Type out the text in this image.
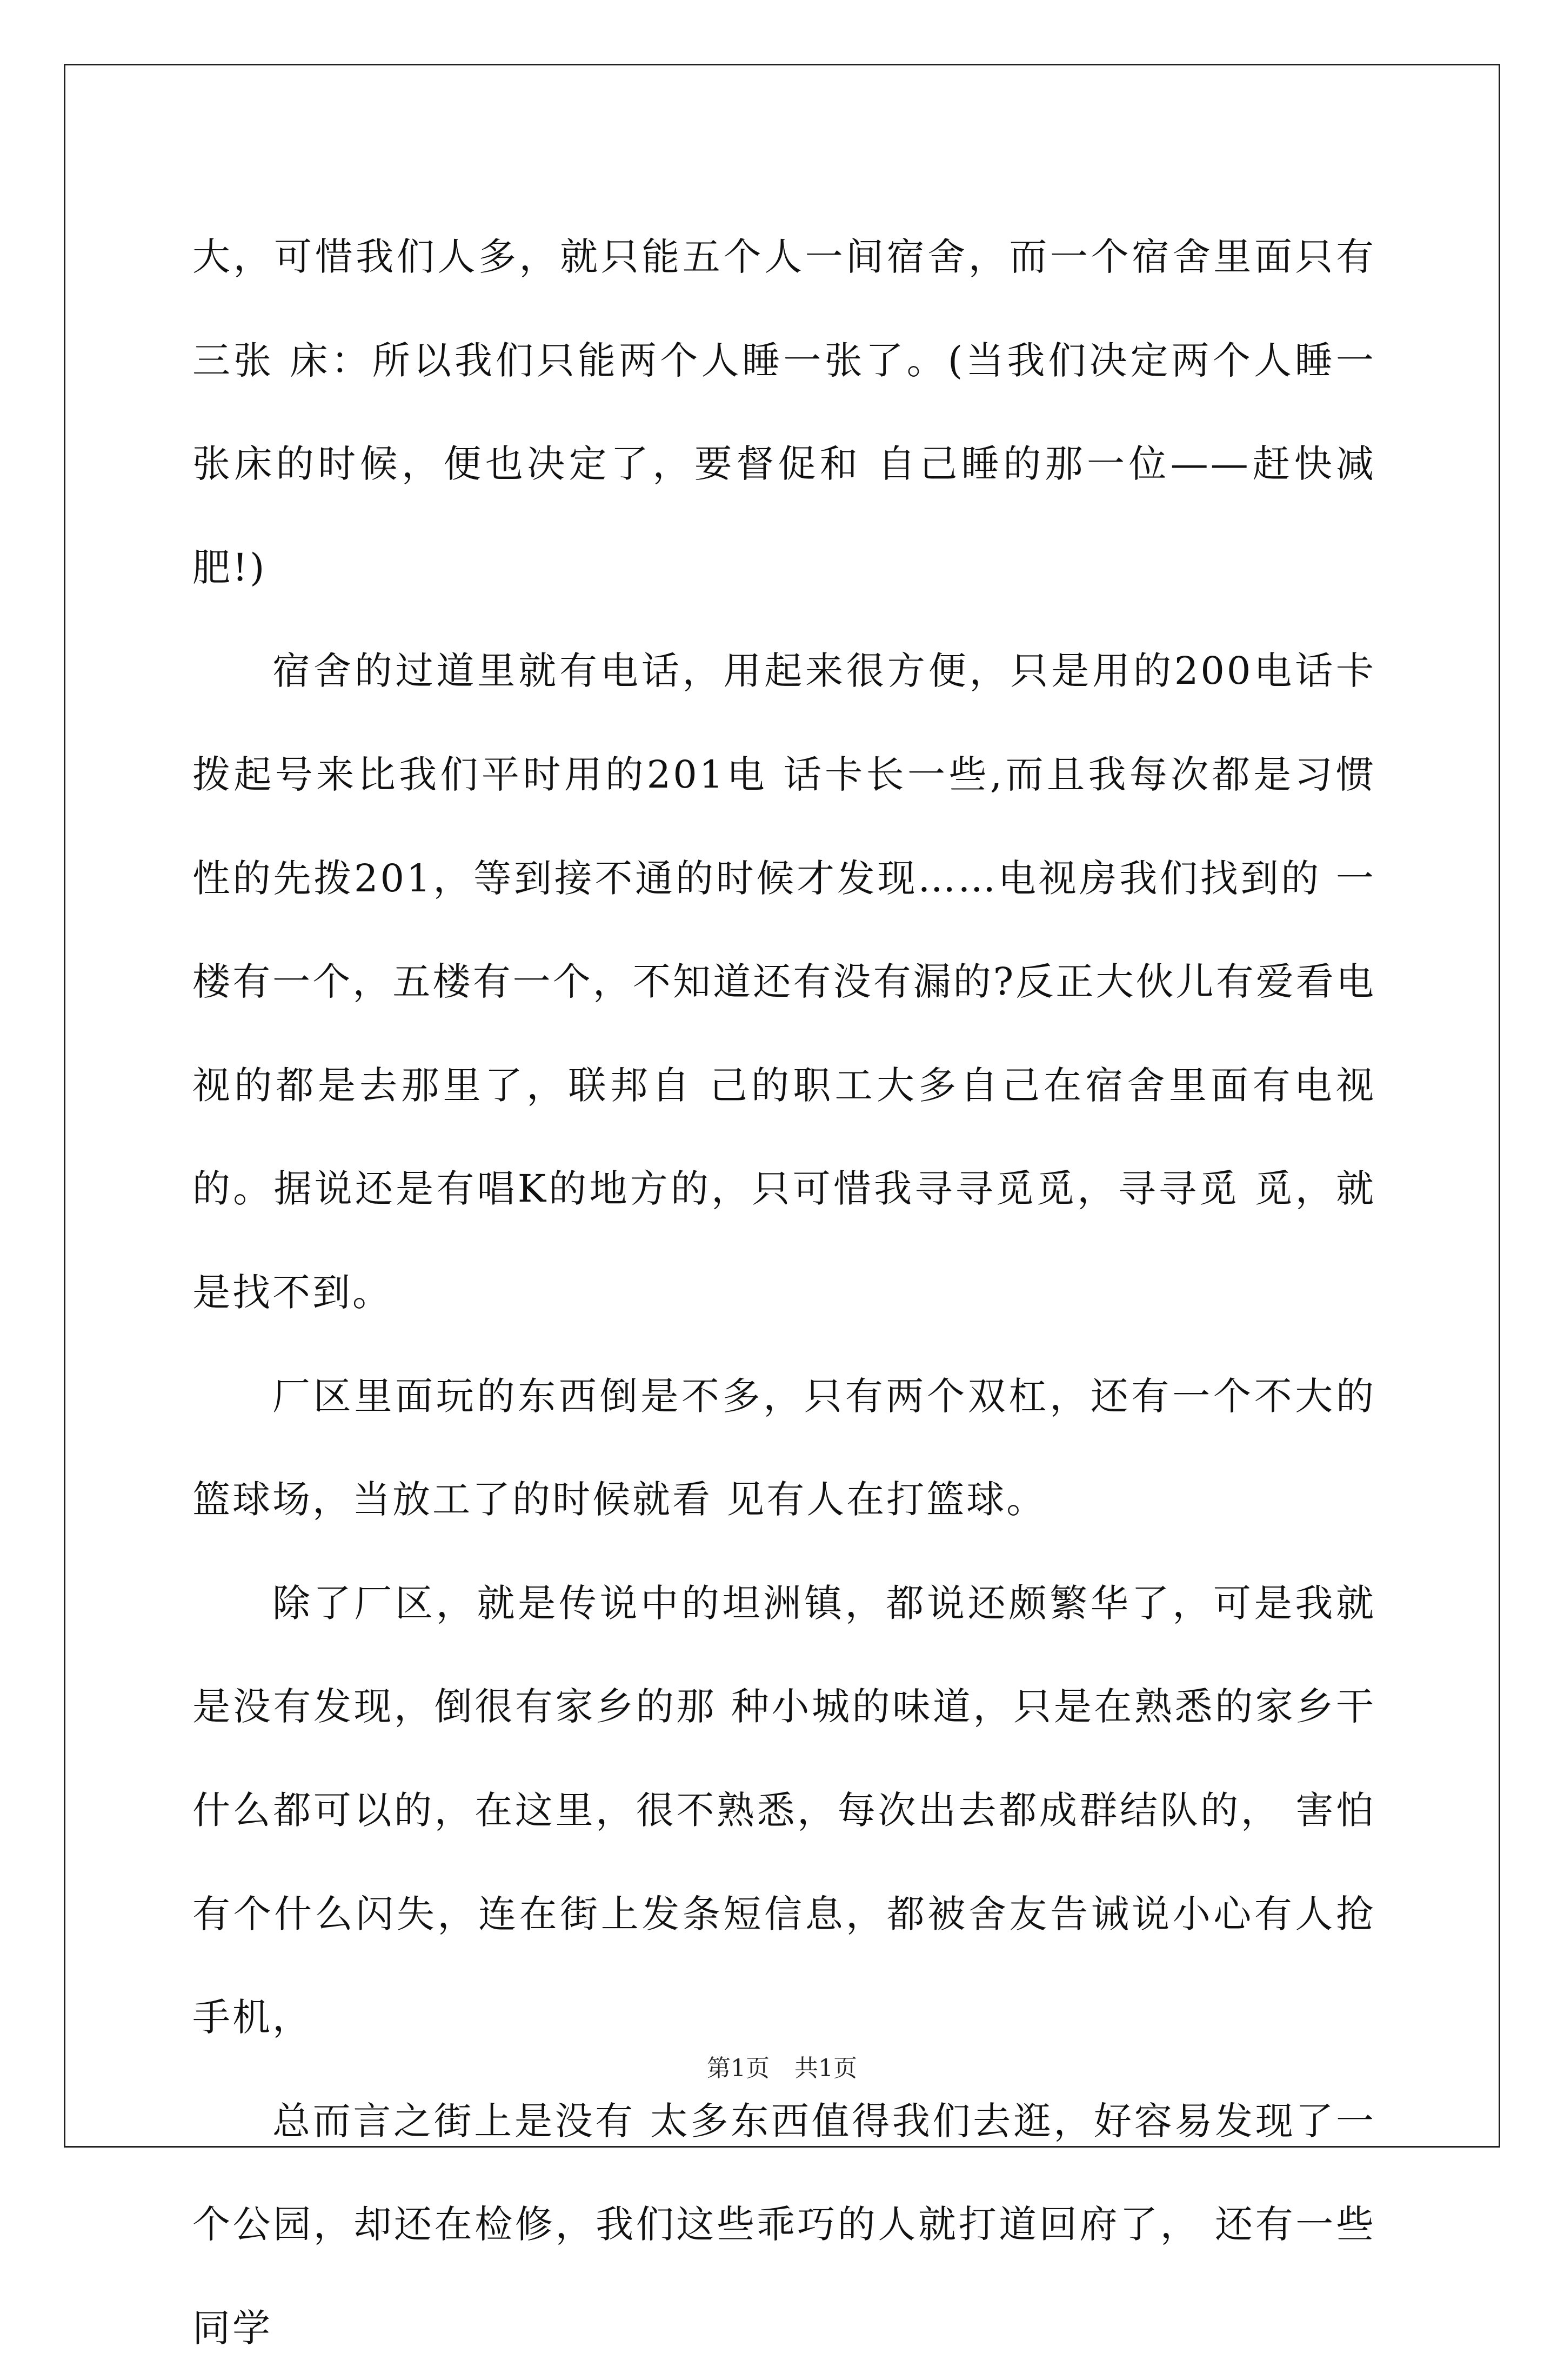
大，可惜我们人多，就只能五个人一间宿舍，而一个宿舍里面只有三张 床：所以我们只能两个人睡一张了。(当我们决定两个人睡一张床的时候，便也决定了，要督促和 自己睡的那一位——赶快减肥!)

宿舍的过道里就有电话，用起来很方便，只是用的200电话卡拨起号来比我们平时用的201电 话卡长一些,而且我每次都是习惯性的先拨201，等到接不通的时候才发现……电视房我们找到的 一楼有一个，五楼有一个，不知道还有没有漏的?反正大伙儿有爱看电视的都是去那里了，联邦自 己的职工大多自己在宿舍里面有电视的。据说还是有唱K的地方的，只可惜我寻寻觅觅，寻寻觅 觅，就是找不到。

厂区里面玩的东西倒是不多，只有两个双杠，还有一个不大的篮球场，当放工了的时候就看 见有人在打篮球。

除了厂区，就是传说中的坦洲镇，都说还颇繁华了，可是我就是没有发现，倒很有家乡的那 种小城的味道，只是在熟悉的家乡干什么都可以的，在这里，很不熟悉，每次出去都成群结队的， 害怕有个什么闪失，连在街上发条短信息，都被舍友告诫说小心有人抢手机，

总而言之街上是没有 太多东西值得我们去逛，好容易发现了一个公园，却还在检修，我们这些乖巧的人就打道回府了， 还有一些同学

第1页 共1页
